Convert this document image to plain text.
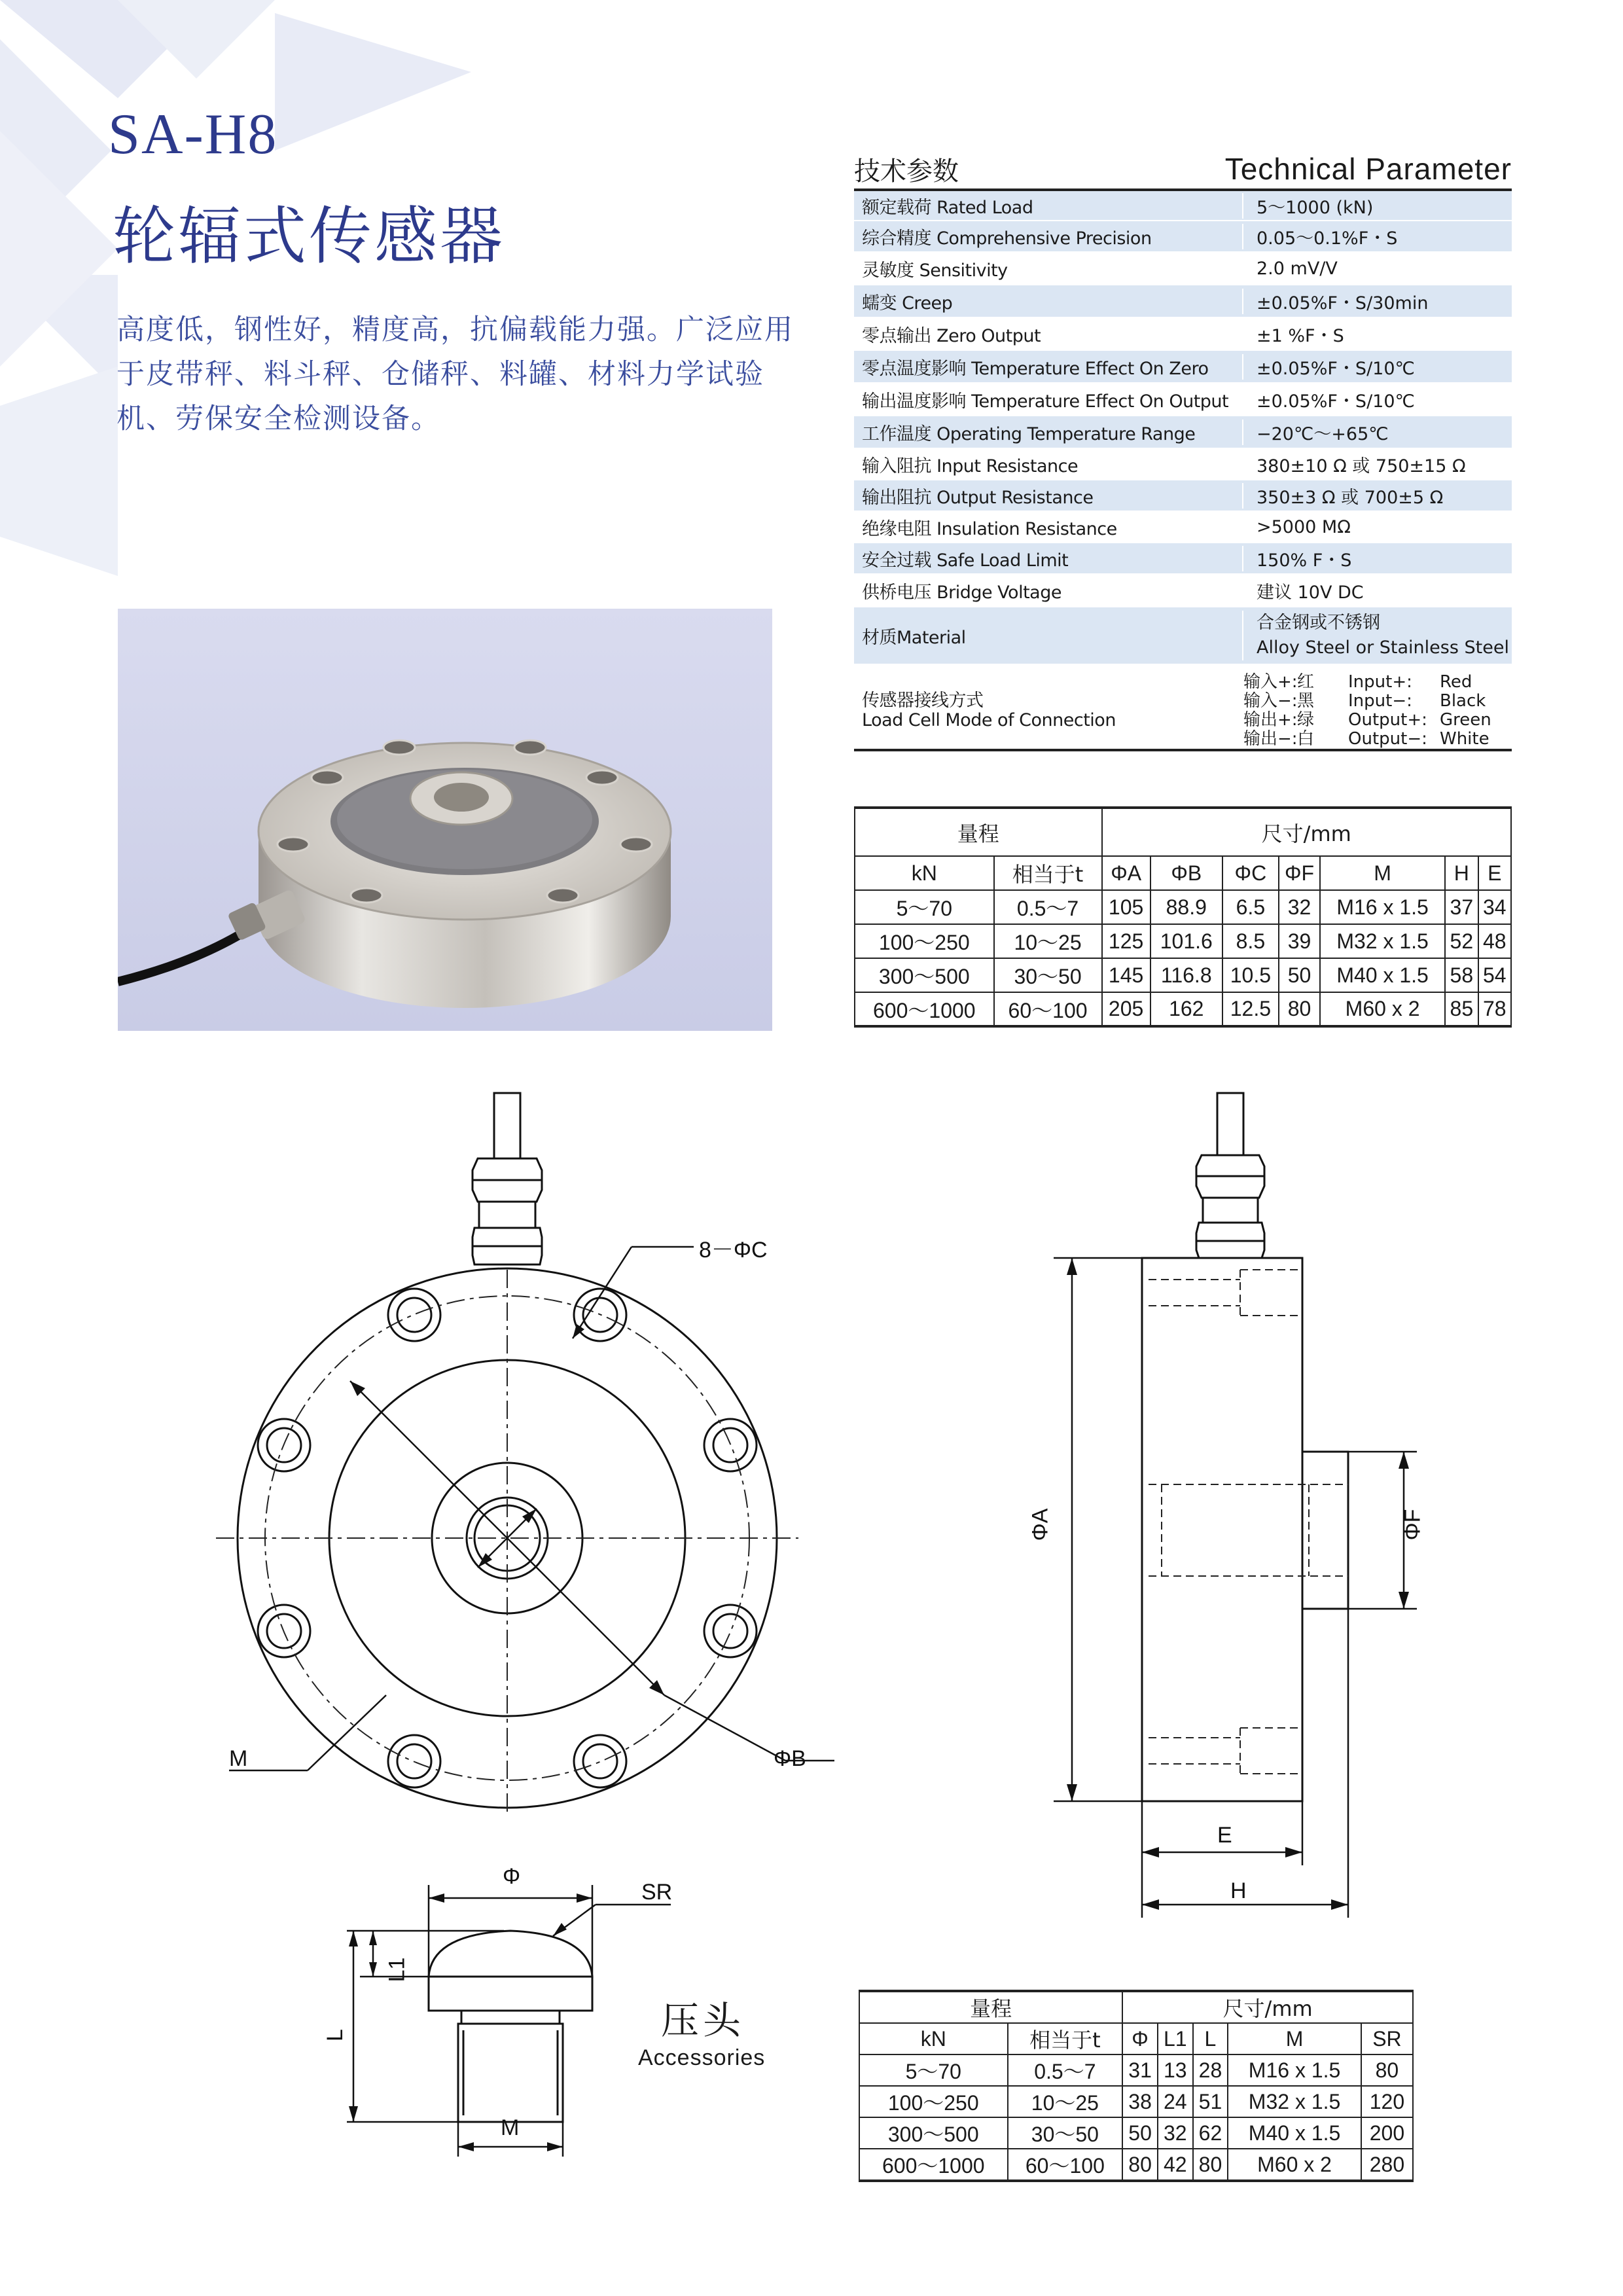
SA-H8
轮辐式传感器
高度低，钢性好，精度高，抗偏载能力强。广泛应用于皮带秤、料斗秤、仓储秤、料罐、材料力学试验机、劳保安全检测设备。
技术参数	Technical Parameter
额定载荷 Rated Load	5～1000 (kN)
综合精度 Comprehensive Precision	0.05～0.1%F・S
灵敏度 Sensitivity	2.0 mV/V
蠕变 Creep	±0.05%F・S/30min
零点输出 Zero Output	±1 %F・S
零点温度影响 Temperature Effect On Zero	±0.05%F・S/10℃
输出温度影响 Temperature Effect On Output	±0.05%F・S/10℃
工作温度 Operating Temperature Range	−20℃～+65℃
输入阻抗 Input Resistance	380±10 Ω 或 750±15 Ω
输出阻抗 Output Resistance	350±3 Ω 或 700±5 Ω
绝缘电阻 Insulation Resistance	>5000 MΩ
安全过载 Safe Load Limit	150% F・S
供桥电压 Bridge Voltage	建议 10V DC
材质Material
合金钢或不锈钢
Alloy Steel or Stainless Steel
传感器接线方式
Load Cell Mode of Connection
输入+: 红	Input+:	Red
输入−: 黑	Input−:	Black
输出+: 绿	Output+: Green
输出−: 白	Output−: White
量程		尺寸/mm						
kN	相当于t	ΦA	ΦB	ΦC	ΦF	M	H	E
5～70	0.5～7	105	88.9	6.5	32	M16 x 1.5	37	34
100～250	10～25	125	101.6	8.5	39	M32 x 1.5	52	48
300～500	30～50	145	116.8	10.5	50	M40 x 1.5	58	54
600～1000	60～100	205	162	12.5	80	M60 x 2	85	78
8－ΦC
M	ΦB
ΦA	ΦF
E
H
Φ
SR
L1
L
M
压头
Accessories
量程		尺寸/mm				
kN	相当于t	Φ	L1	L	M	SR
5～70	0.5～7	31	13	28	M16 x 1.5	80
100～250	10～25	38	24	51	M32 x 1.5	120
300～500	30～50	50	32	62	M40 x 1.5	200
600～1000	60～100	80	42	80	M60 x 2	280
